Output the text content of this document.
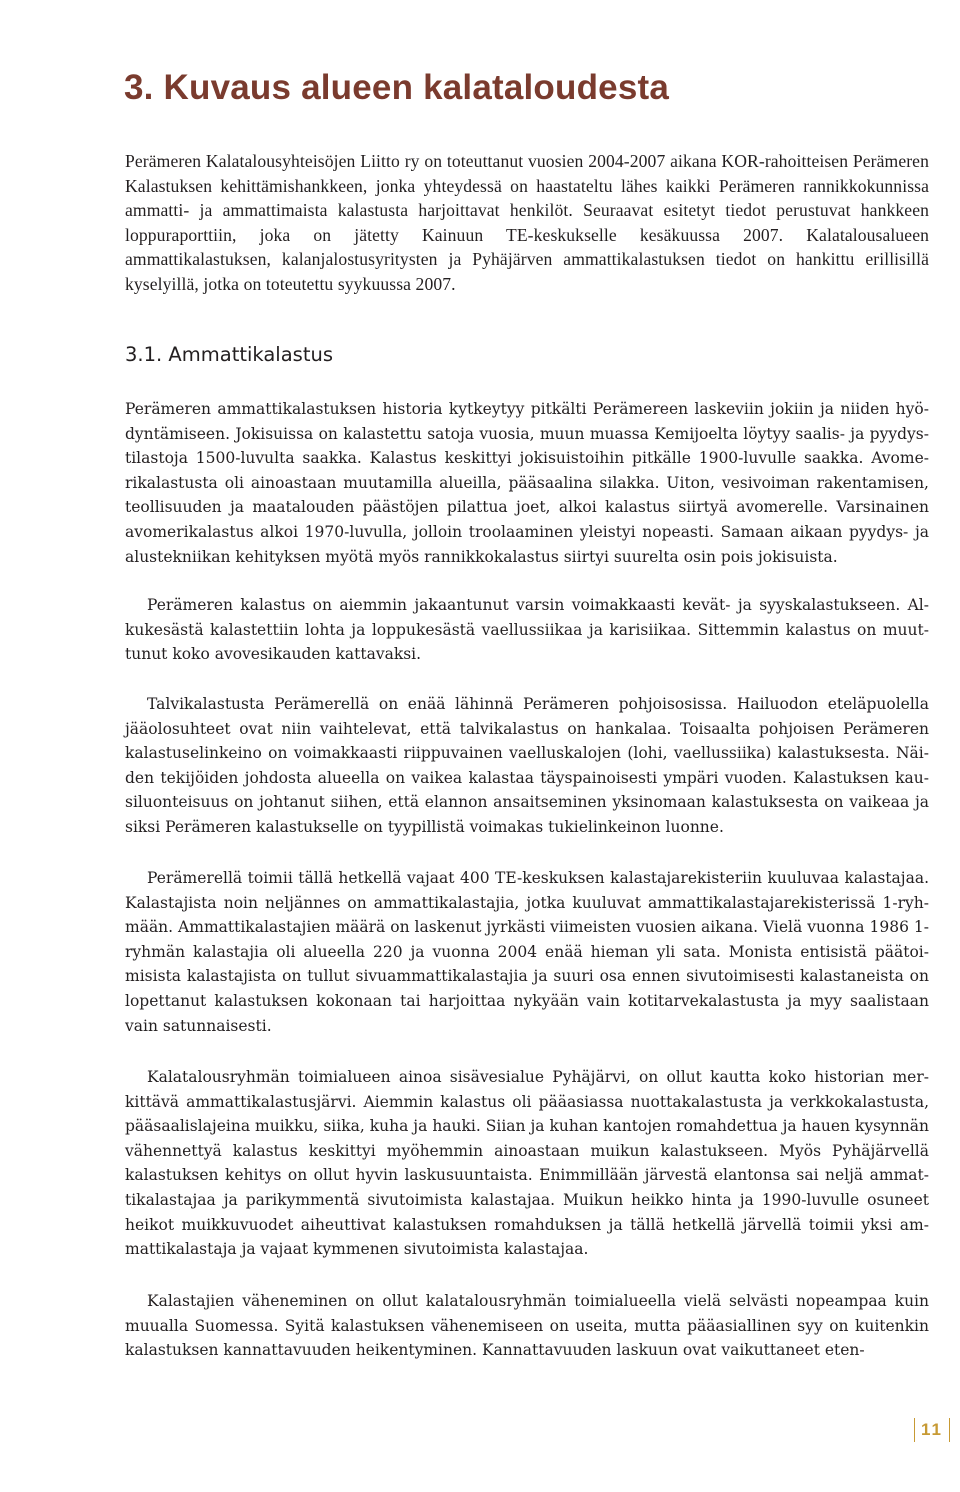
3. Kuvaus alueen kalataloudesta

Perämeren Kalatalousyhteisöjen Liitto ry on toteuttanut vuosien 2004-2007 aikana KOR-rahoitteisen Perämeren Kalastuksen kehittämishankkeen, jonka yhteydessä on haastateltu lähes kaikki Perämeren rannikkokunnissa ammatti- ja ammattimaista kalastusta harjoittavat henkilöt. Seuraavat esitetyt tiedot perustuvat hankkeen loppuraporttiin, joka on jätetty Kainuun TE-keskukselle kesäkuussa 2007. Kalatalousalueen ammattikalastuksen, kalanjalostusyritysten ja Pyhäjärven ammattikalastuksen tiedot on hankittu erillisillä kyselyillä, jotka on toteutettu syykuussa 2007.

3.1. Ammattikalastus

Perämeren ammattikalastuksen historia kytkeytyy pitkälti Perämereen laskeviin jokiin ja niiden hyödyntämiseen. Jokisuissa on kalastettu satoja vuosia, muun muassa Kemijoelta löytyy saalis- ja pyydystilastoja 1500-luvulta saakka. Kalastus keskittyi jokisuistoihin pitkälle 1900-luvulle saakka. Avomerikalastusta oli ainoastaan muutamilla alueilla, pääsaalina silakka. Uiton, vesivoiman rakentamisen, teollisuuden ja maatalouden päästöjen pilattua joet, alkoi kalastus siirtyä avomerelle. Varsinainen avomerikalastus alkoi 1970-luvulla, jolloin troolaaminen yleistyi nopeasti. Samaan aikaan pyydys- ja alustekniikan kehityksen myötä myös rannikkokalastus siirtyi suurelta osin pois jokisuista.

Perämeren kalastus on aiemmin jakaantunut varsin voimakkaasti kevät- ja syyskalastukseen. Alkukesästä kalastettiin lohta ja loppukesästä vaellussiikaa ja karisiikaa. Sittemmin kalastus on muuttunut koko avovesikauden kattavaksi.

Talvikalastusta Perämerellä on enää lähinnä Perämeren pohjoisosissa. Hailuodon eteläpuolella jääolosuhteet ovat niin vaihtelevat, että talvikalastus on hankalaa. Toisaalta pohjoisen Perämeren kalastuselinkeino on voimakkaasti riippuvainen vaelluskalojen (lohi, vaellussiika) kalastuksesta. Näiden tekijöiden johdosta alueella on vaikea kalastaa täyspainoisesti ympäri vuoden. Kalastuksen kausiluonteisuus on johtanut siihen, että elannon ansaitseminen yksinomaan kalastuksesta on vaikeaa ja siksi Perämeren kalastukselle on tyypillistä voimakas tukielinkeinon luonne.

Perämerellä toimii tällä hetkellä vajaat 400 TE-keskuksen kalastajarekisteriin kuuluvaa kalastajaa. Kalastajista noin neljännes on ammattikalastajia, jotka kuuluvat ammattikalastajarekisterissä 1-ryhmään. Ammattikalastajien määrä on laskenut jyrkästi viimeisten vuosien aikana. Vielä vuonna 1986 1-ryhmän kalastajia oli alueella 220 ja vuonna 2004 enää hieman yli sata. Monista entisistä päätoimisista kalastajista on tullut sivuammattikalastajia ja suuri osa ennen sivutoimisesti kalastaneista on lopettanut kalastuksen kokonaan tai harjoittaa nykyään vain kotitarvekalastusta ja myy saalistaan vain satunnaisesti.

Kalatalousryhmän toimialueen ainoa sisävesialue Pyhäjärvi, on ollut kautta koko historian merkittävä ammattikalastusjärvi. Aiemmin kalastus oli pääasiassa nuottakalastusta ja verkkokalastusta, pääsaalislajeina muikku, siika, kuha ja hauki. Siian ja kuhan kantojen romahdettua ja hauen kysynnän vähennettyä kalastus keskittyi myöhemmin ainoastaan muikun kalastukseen. Myös Pyhäjärvellä kalastuksen kehitys on ollut hyvin laskusuuntaista. Enimmillään järvestä elantonsa sai neljä ammattikalastajaa ja parikymmentä sivutoimista kalastajaa. Muikun heikko hinta ja 1990-luvulle osuneet heikot muikkuvuodet aiheuttivat kalastuksen romahduksen ja tällä hetkellä järvellä toimii yksi ammattikalastaja ja vajaat kymmenen sivutoimista kalastajaa.

Kalastajien väheneminen on ollut kalatalousryhmän toimialueella vielä selvästi nopeampaa kuin muualla Suomessa. Syitä kalastuksen vähenemiseen on useita, mutta pääasiallinen syy on kuitenkin kalastuksen kannattavuuden heikentyminen. Kannattavuuden laskuun ovat vaikuttaneet eten-

11
